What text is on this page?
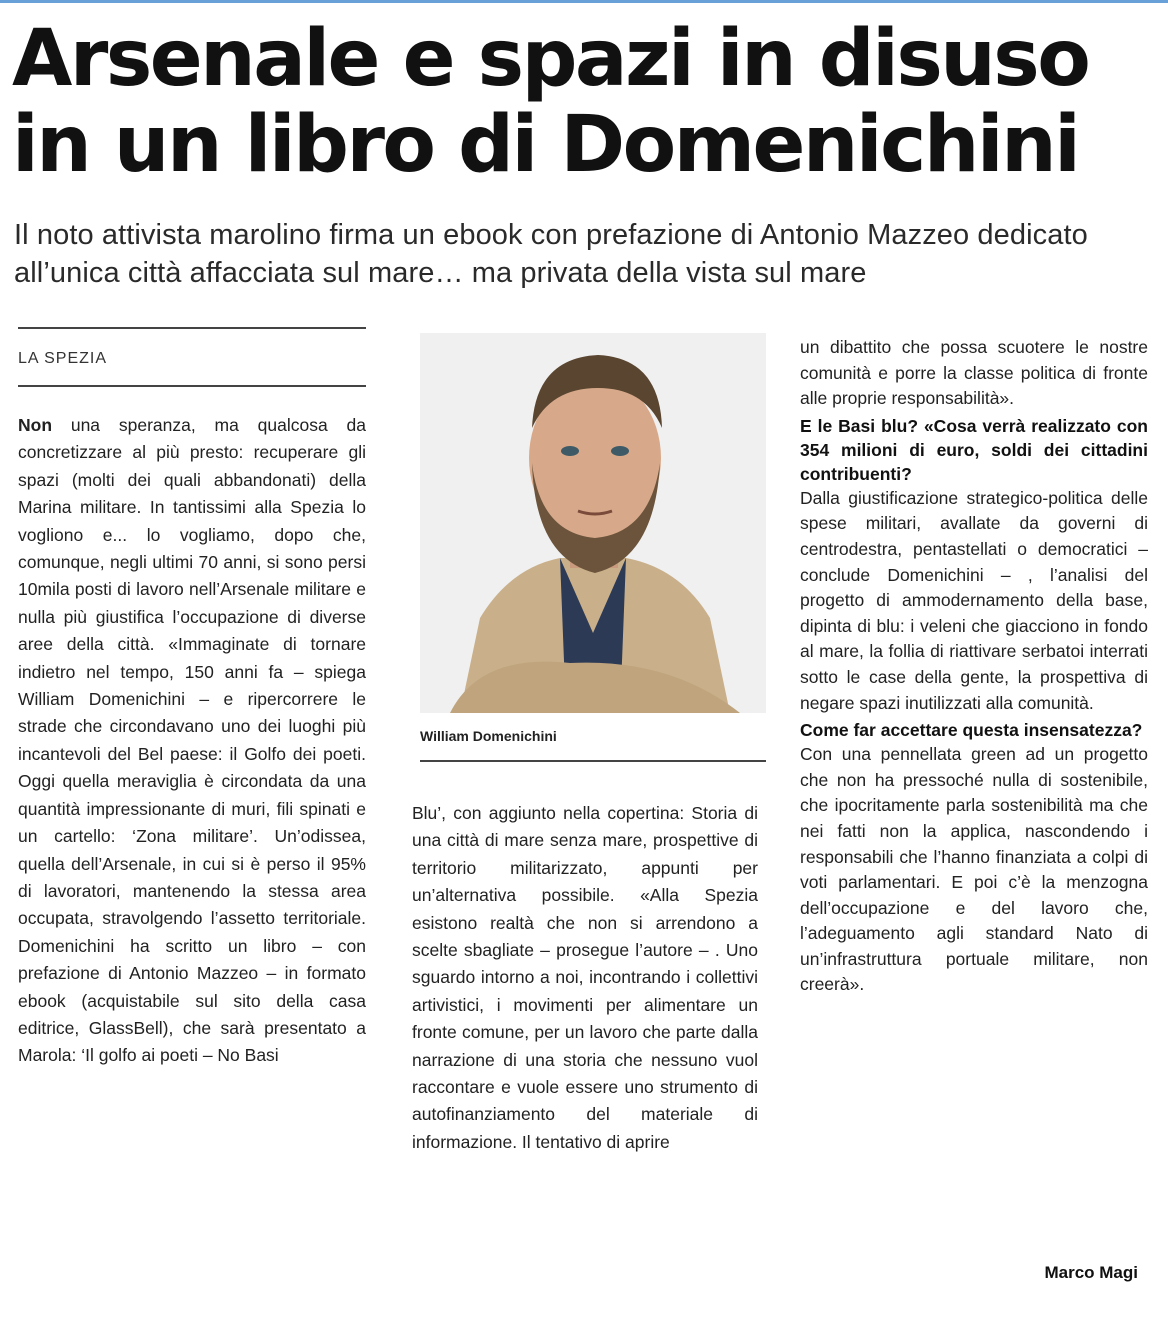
Arsenale e spazi in disuso in un libro di Domenichini

Il noto attivista marolino firma un ebook con prefazione di Antonio Mazzeo dedicato all’unica città affacciata sul mare… ma privata della vista sul mare

LA SPEZIA

Non una speranza, ma qualcosa da concretizzare al più presto: recuperare gli spazi (molti dei quali abbandonati) della Marina militare. In tantissimi alla Spezia lo vogliono e... lo vogliamo, dopo che, comunque, negli ultimi 70 anni, si sono persi 10mila posti di lavoro nell’Arsenale militare e nulla più giustifica l’occupazione di diverse aree della città. «Immaginate di tornare indietro nel tempo, 150 anni fa – spiega William Domenichini – e ripercorrere le strade che circondavano uno dei luoghi più incantevoli del Bel paese: il Golfo dei poeti. Oggi quella meraviglia è circondata da una quantità impressionante di muri, fili spinati e un cartello: ‘Zona militare’. Un’odissea, quella dell’Arsenale, in cui si è perso il 95% di lavoratori, mantenendo la stessa area occupata, stravolgendo l’assetto territoriale. Domenichini ha scritto un libro – con prefazione di Antonio Mazzeo – in formato ebook (acquistabile sul sito della casa editrice, GlassBell), che sarà presentato a Marola: ‘Il golfo ai poeti – No Basi

William Domenichini

Blu’, con aggiunto nella copertina: Storia di una città di mare senza mare, prospettive di territorio militarizzato, appunti per un’alternativa possibile. «Alla Spezia esistono realtà che non si arrendono a scelte sbagliate – prosegue l’autore – . Uno sguardo intorno a noi, incontrando i collettivi artivistici, i movimenti per alimentare un fronte comune, per un lavoro che parte dalla narrazione di una storia che nessuno vuol raccontare e vuole essere uno strumento di autofinanziamento del materiale di informazione. Il tentativo di aprire

un dibattito che possa scuotere le nostre comunità e porre la classe politica di fronte alle proprie responsabilità».

E le Basi blu? «Cosa verrà realizzato con 354 milioni di euro, soldi dei cittadini contribuenti?

Dalla giustificazione strategico-politica delle spese militari, avallate da governi di centrodestra, pentastellati o democratici – conclude Domenichini – , l’analisi del progetto di ammodernamento della base, dipinta di blu: i veleni che giacciono in fondo al mare, la follia di riattivare serbatoi interrati sotto le case della gente, la prospettiva di negare spazi inutilizzati alla comunità.

Come far accettare questa insensatezza?

Con una pennellata green ad un progetto che non ha pressoché nulla di sostenibile, che ipocritamente parla sostenibilità ma che nei fatti non la applica, nascondendo i responsabili che l’hanno finanziata a colpi di voti parlamentari. E poi c’è la menzogna dell’occupazione e del lavoro che, l’adeguamento agli standard Nato di un’infrastruttura portuale militare, non creerà».

Marco Magi
